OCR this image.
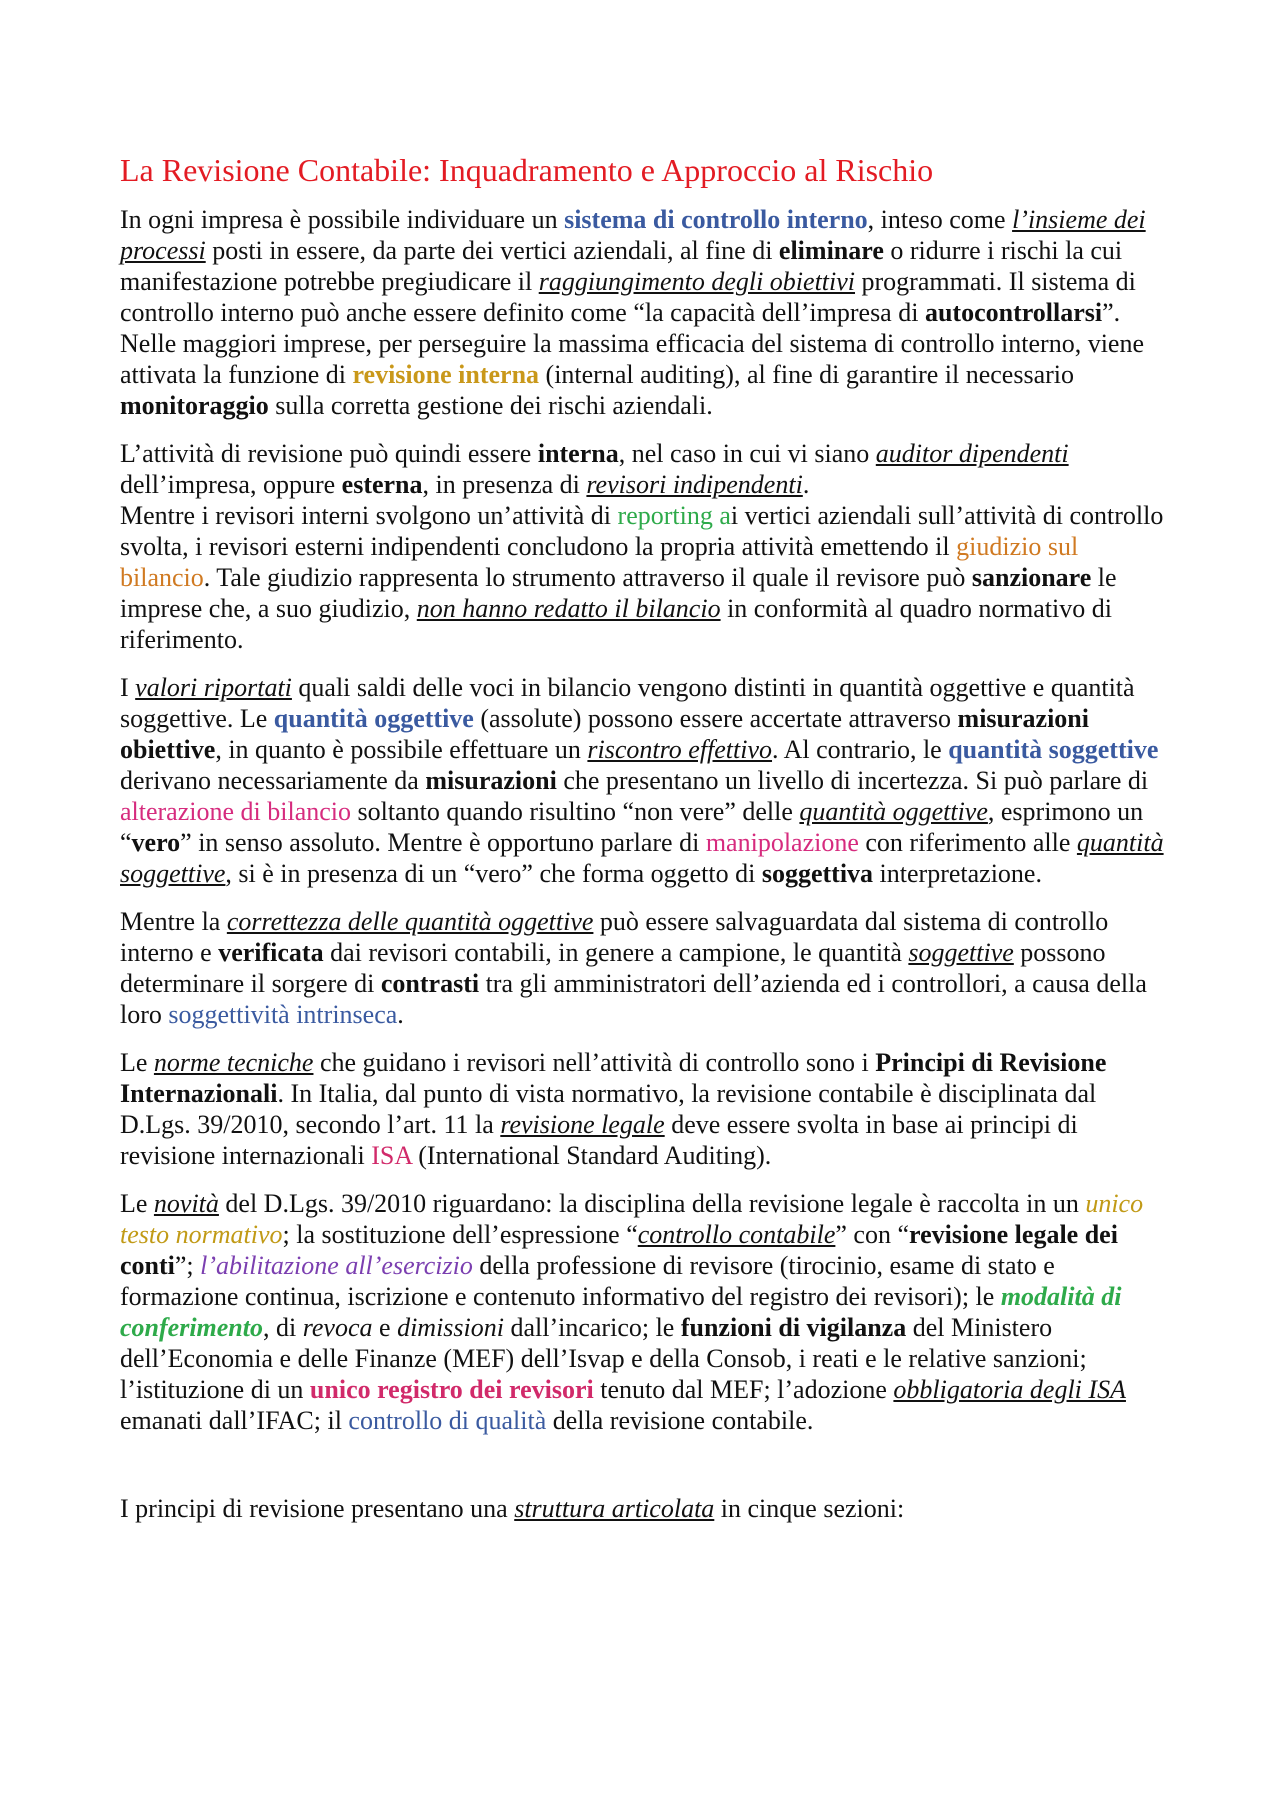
La Revisione Contabile: Inquadramento e Approccio al Rischio

In ogni impresa è possibile individuare un sistema di controllo interno, inteso come l’insieme dei processi posti in essere, da parte dei vertici aziendali, al fine di eliminare o ridurre i rischi la cui manifestazione potrebbe pregiudicare il raggiungimento degli obiettivi programmati. Il sistema di controllo interno può anche essere definito come “la capacità dell’impresa di autocontrollarsi”. Nelle maggiori imprese, per perseguire la massima efficacia del sistema di controllo interno, viene attivata la funzione di revisione interna (internal auditing), al fine di garantire il necessario monitoraggio sulla corretta gestione dei rischi aziendali.

L’attività di revisione può quindi essere interna, nel caso in cui vi siano auditor dipendenti dell’impresa, oppure esterna, in presenza di revisori indipendenti.
Mentre i revisori interni svolgono un’attività di reporting ai vertici aziendali sull’attività di controllo svolta, i revisori esterni indipendenti concludono la propria attività emettendo il giudizio sul bilancio. Tale giudizio rappresenta lo strumento attraverso il quale il revisore può sanzionare le imprese che, a suo giudizio, non hanno redatto il bilancio in conformità al quadro normativo di riferimento.

I valori riportati quali saldi delle voci in bilancio vengono distinti in quantità oggettive e quantità soggettive. Le quantità oggettive (assolute) possono essere accertate attraverso misurazioni obiettive, in quanto è possibile effettuare un riscontro effettivo. Al contrario, le quantità soggettive derivano necessariamente da misurazioni che presentano un livello di incertezza. Si può parlare di alterazione di bilancio soltanto quando risultino “non vere” delle quantità oggettive, esprimono un “vero” in senso assoluto. Mentre è opportuno parlare di manipolazione con riferimento alle quantità soggettive, si è in presenza di un “vero” che forma oggetto di soggettiva interpretazione.

Mentre la correttezza delle quantità oggettive può essere salvaguardata dal sistema di controllo interno e verificata dai revisori contabili, in genere a campione, le quantità soggettive possono determinare il sorgere di contrasti tra gli amministratori dell’azienda ed i controllori, a causa della loro soggettività intrinseca.

Le norme tecniche che guidano i revisori nell’attività di controllo sono i Principi di Revisione Internazionali. In Italia, dal punto di vista normativo, la revisione contabile è disciplinata dal D.Lgs. 39/2010, secondo l’art. 11 la revisione legale deve essere svolta in base ai principi di revisione internazionali ISA (International Standard Auditing).

Le novità del D.Lgs. 39/2010 riguardano: la disciplina della revisione legale è raccolta in un unico testo normativo; la sostituzione dell’espressione “controllo contabile” con “revisione legale dei conti”; l’abilitazione all’esercizio della professione di revisore (tirocinio, esame di stato e formazione continua, iscrizione e contenuto informativo del registro dei revisori); le modalità di conferimento, di revoca e dimissioni dall’incarico; le funzioni di vigilanza del Ministero dell’Economia e delle Finanze (MEF) dell’Isvap e della Consob, i reati e le relative sanzioni; l’istituzione di un unico registro dei revisori tenuto dal MEF; l’adozione obbligatoria degli ISA emanati dall’IFAC; il controllo di qualità della revisione contabile.

I principi di revisione presentano una struttura articolata in cinque sezioni:
